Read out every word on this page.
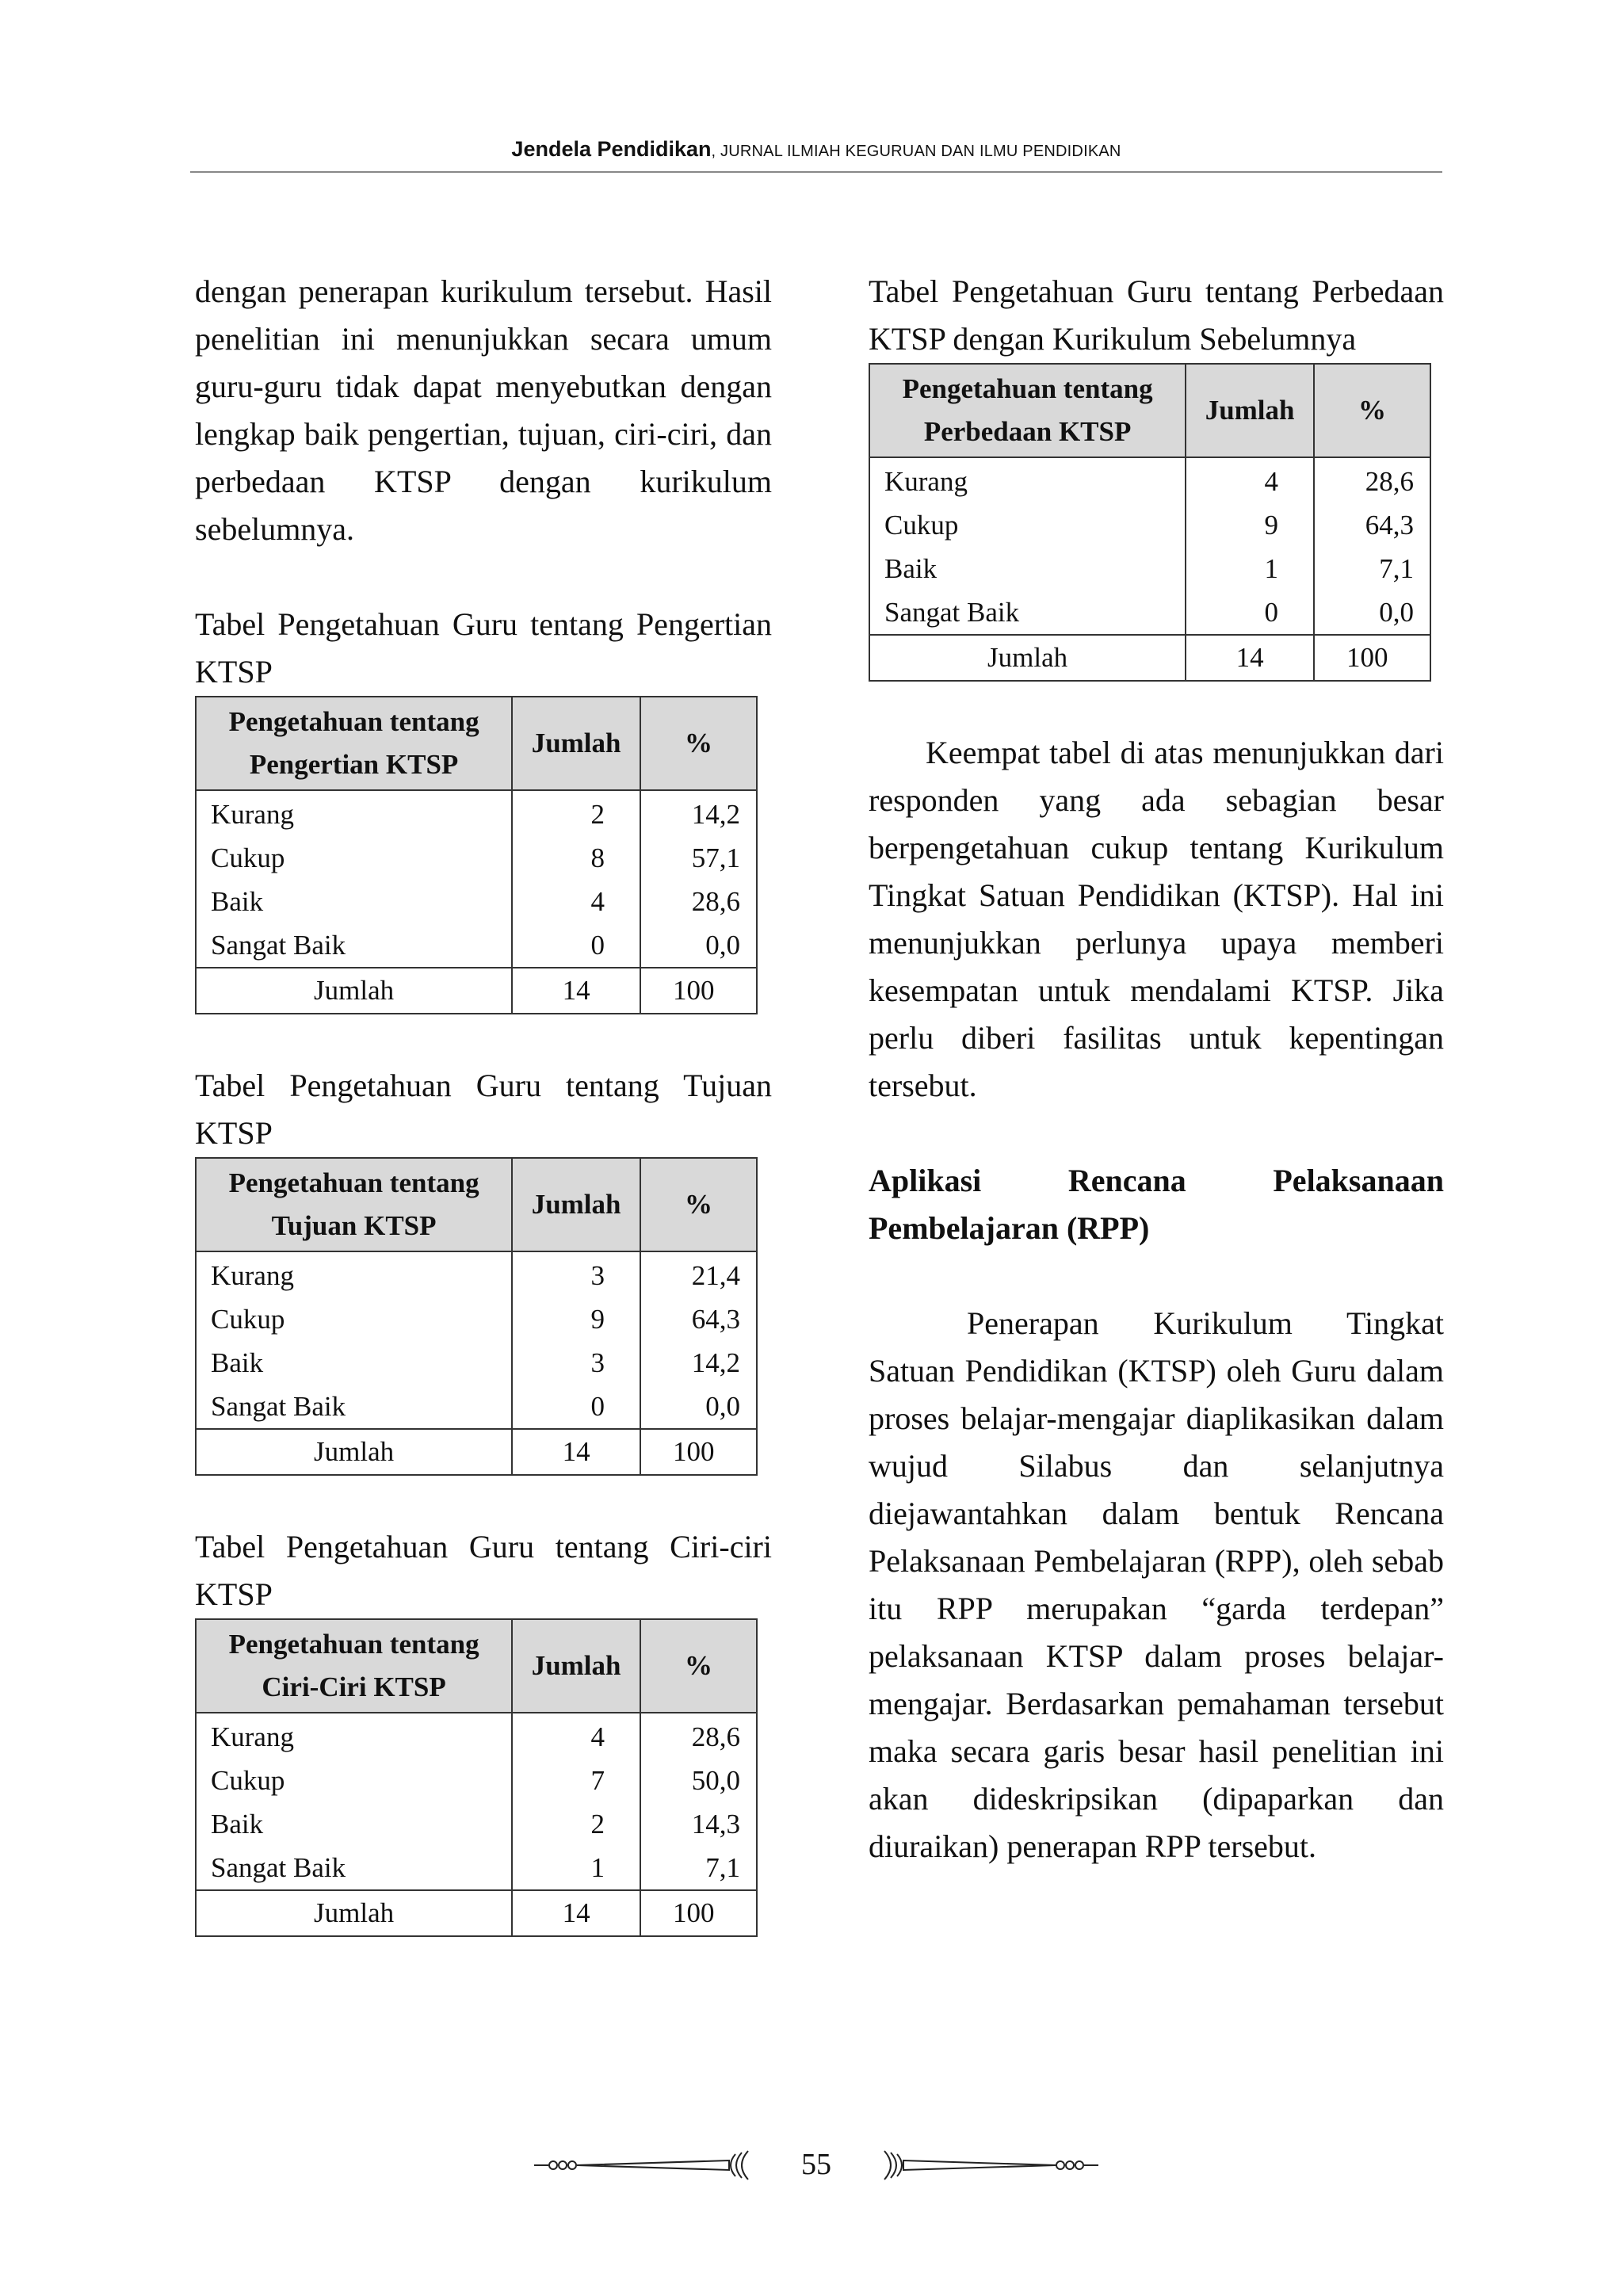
Jendela Pendidikan, JURNAL ILMIAH KEGURUAN DAN ILMU PENDIDIKAN

dengan penerapan kurikulum tersebut. Hasil penelitian ini menunjukkan secara umum guru-guru tidak dapat menyebutkan dengan lengkap baik pengertian, tujuan, ciri-ciri, dan perbedaan KTSP dengan kurikulum sebelumnya.

Tabel Pengetahuan Guru tentang Pengertian KTSP

Pengetahuan tentang
Pengertian KTSP	Jumlah	%
Kurang	2	14,2
Cukup	8	57,1
Baik	4	28,6
Sangat Baik	0	0,0
Jumlah	14	100

Tabel Pengetahuan Guru tentang Tujuan KTSP

Pengetahuan tentang
Tujuan KTSP	Jumlah	%
Kurang	3	21,4
Cukup	9	64,3
Baik	3	14,2
Sangat Baik	0	0,0
Jumlah	14	100

Tabel Pengetahuan Guru tentang Ciri-ciri KTSP

Pengetahuan tentang
Ciri-Ciri KTSP	Jumlah	%
Kurang	4	28,6
Cukup	7	50,0
Baik	2	14,3
Sangat Baik	1	7,1
Jumlah	14	100

Tabel Pengetahuan Guru tentang Perbedaan KTSP dengan Kurikulum Sebelumnya

Pengetahuan tentang
Perbedaan KTSP	Jumlah	%
Kurang	4	28,6
Cukup	9	64,3
Baik	1	7,1
Sangat Baik	0	0,0
Jumlah	14	100

Keempat tabel di atas menunjukkan dari responden yang ada sebagian besar berpengetahuan cukup tentang Kurikulum Tingkat Satuan Pendidikan (KTSP). Hal ini menunjukkan perlunya upaya memberi kesempatan untuk mendalami KTSP. Jika perlu diberi fasilitas untuk kepentingan tersebut.

Aplikasi	Rencana	Pelaksanaan
Pembelajaran (RPP)

Penerapan Kurikulum Tingkat Satuan Pendidikan (KTSP) oleh Guru dalam proses belajar-mengajar diaplikasikan dalam wujud Silabus dan selanjutnya diejawantahkan dalam bentuk Rencana Pelaksanaan Pembelajaran (RPP), oleh sebab itu RPP merupakan “garda terdepan” pelaksanaan KTSP dalam proses belajar-mengajar. Berdasarkan pemahaman tersebut maka secara garis besar hasil penelitian ini akan dideskripsikan (dipaparkan dan diuraikan) penerapan RPP tersebut.

55
